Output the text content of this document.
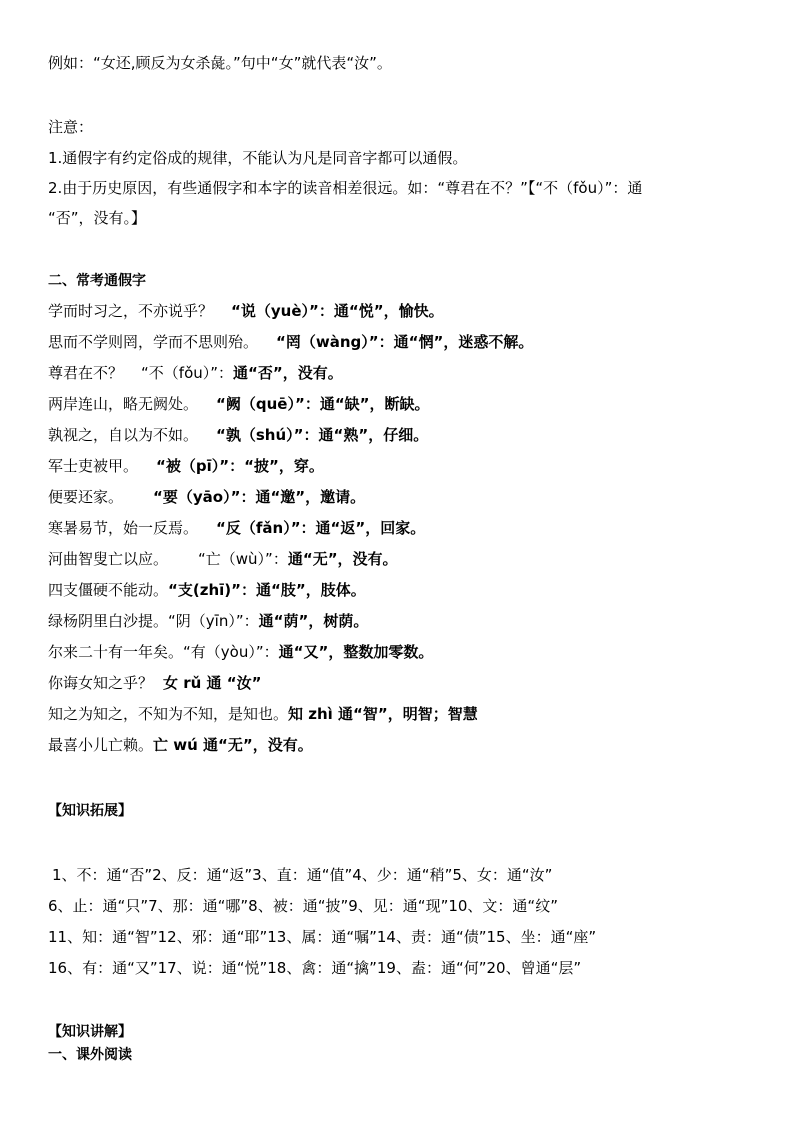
例如：“女还,顾反为女杀彘。”句中“女”就代表“汝”。
注意：
1.通假字有约定俗成的规律，不能认为凡是同音字都可以通假。
2.由于历史原因，有些通假字和本字的读音相差很远。如：“尊君在不？”【“不（fǒu）”：通
“否”，没有。】
二、常考通假字
学而时习之，不亦说乎？ “说（yuè）”：通“悦”，愉快。
思而不学则罔，学而不思则殆。 “罔（wàng）”：通“惘”，迷惑不解。
尊君在不？ “不（fǒu）”：通“否”，没有。
两岸连山，略无阙处。 “阙（quē）”：通“缺”，断缺。
孰视之，自以为不如。 “孰（shú）”：通“熟”，仔细。
军士吏被甲。 “被（pī）”：“披”，穿。
便要还家。 “要（yāo）”：通“邀”，邀请。
寒暑易节，始一反焉。 “反（fǎn）”：通“返”，回家。
河曲智叟亡以应。 “亡（wù）”：通“无”，没有。
四支僵硬不能动。“支(zhī)”：通“肢”，肢体。
绿杨阴里白沙提。“阴（yīn）”：通“荫”，树荫。
尔来二十有一年矣。“有（yòu）”：通“又”，整数加零数。
你诲女知之乎？ 女 rǔ 通 “汝”
知之为知之，不知为不知，是知也。知 zhì 通“智”，明智；智慧
最喜小儿亡赖。亡 wú 通“无”，没有。
【知识拓展】
1、不：通“否”2、反：通“返”3、直：通“值”4、少：通“稍”5、女：通“汝”
6、止：通“只”7、那：通“哪”8、被：通“披”9、见：通“现”10、文：通“纹”
11、知：通“智”12、邪：通“耶”13、属：通“嘱”14、责：通“债”15、坐：通“座”
16、有：通“又”17、说：通“悦”18、禽：通“擒”19、盍：通“何”20、曾通“层”
【知识讲解】
一、课外阅读
